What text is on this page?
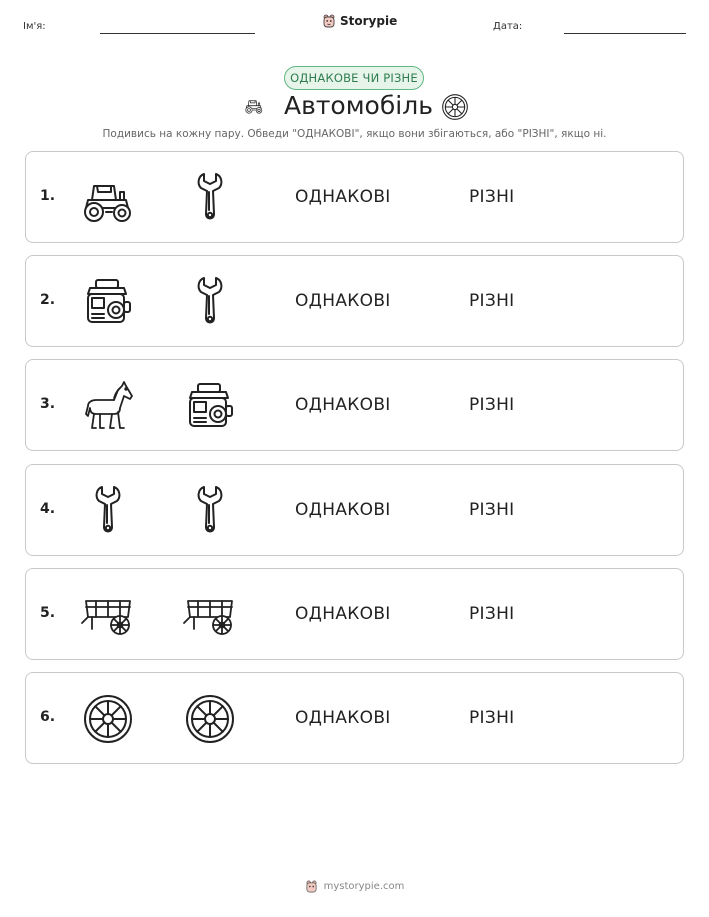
Ім'я:	Storypie	Дата:
ОДНАКОВЕ ЧИ РІЗНЕ
Автомобіль
Подивись на кожну пару. Обведи "ОДНАКОВІ", якщо вони збігаються, або "РІЗНІ", якщо ні.
1.	ОДНАКОВІ	РІЗНІ
2.	ОДНАКОВІ	РІЗНІ
3.	ОДНАКОВІ	РІЗНІ
4.	ОДНАКОВІ	РІЗНІ
5.	ОДНАКОВІ	РІЗНІ
6.	ОДНАКОВІ	РІЗНІ
mystorypie.com
